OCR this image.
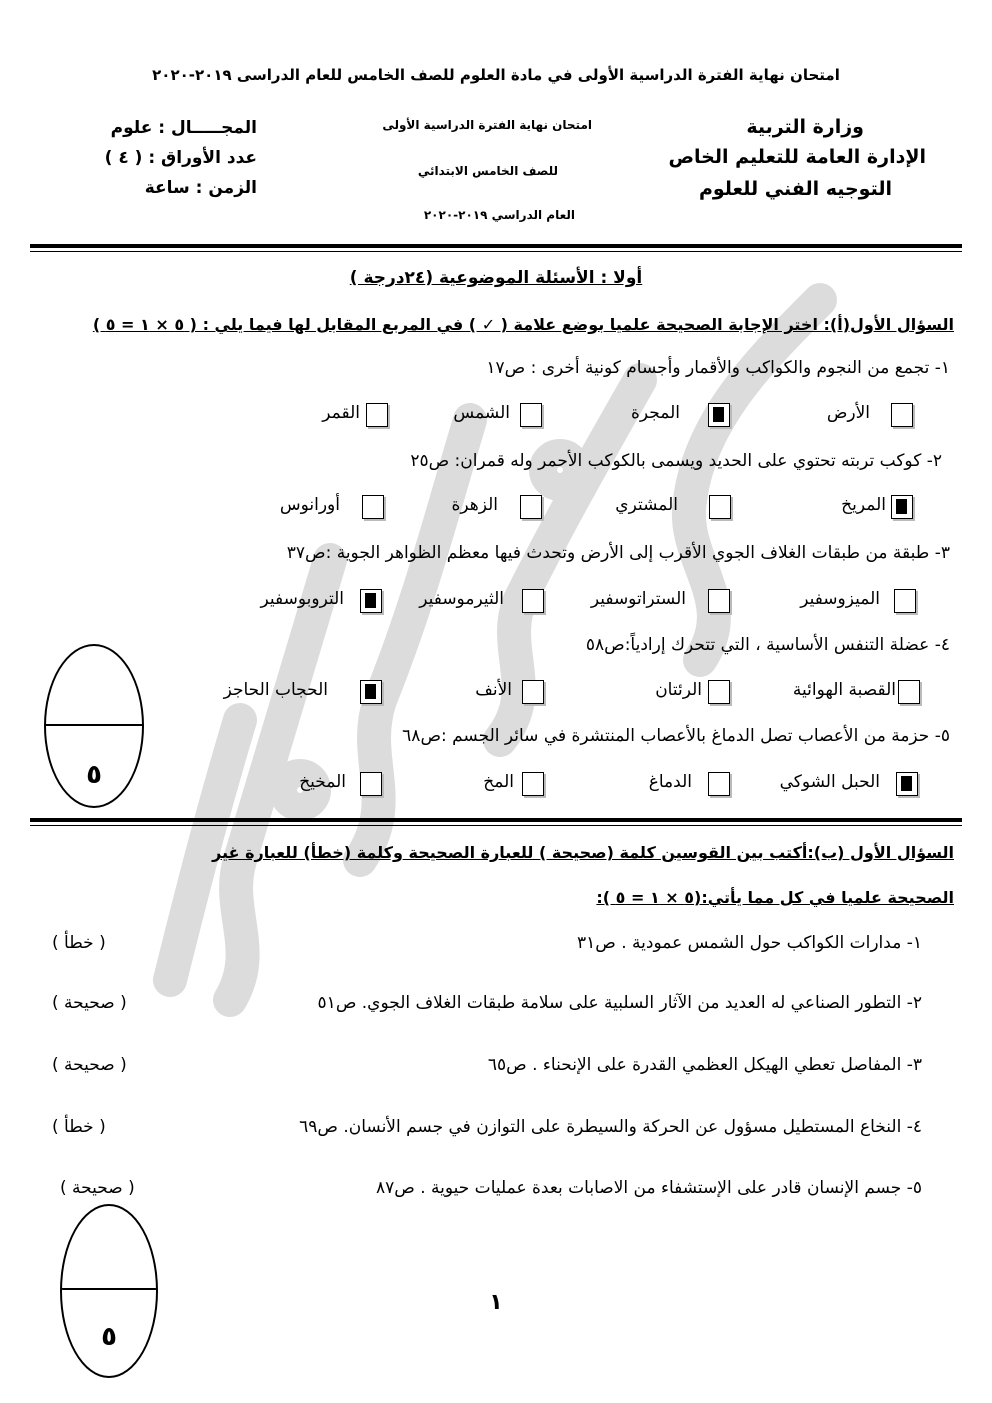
امتحان نهاية الفترة الدراسية الأولى في مادة العلوم للصف الخامس للعام الدراسى ٢٠١٩-٢٠٢٠
وزارة التربية
الإدارة العامة للتعليم الخاص
التوجيه الفني للعلوم
امتحان نهاية الفترة الدراسية الأولى
للصف الخامس الابتدائي
العام الدراسي ٢٠١٩-٢٠٢٠
المجـــــال : علوم
عدد الأوراق : ( ٤ )
الزمن : ساعة
أولا : الأسئلة الموضوعية (٢٤درجة )
السؤال الأول(أ): اختر الإجابة الصحيحة علميا بوضع علامة ( ✓ ) في المربع المقابل لها فيما يلي : ( ٥ × ١ = ٥ )
١- تجمع من النجوم والكواكب والأقمار وأجسام كونية أخرى : ص١٧
الأرض
المجرة
الشمس
القمر
٢- كوكب تربته تحتوي على الحديد ويسمى بالكوكب الأحمر وله قمران: ص٢٥
المريخ
المشتري
الزهرة
أورانوس
٣- طبقة من طبقات الغلاف الجوي الأقرب إلى الأرض وتحدث فيها معظم الظواهر الجوية :ص٣٧
الميزوسفير
الستراتوسفير
الثيرموسفير
التروبوسفير
٤- عضلة التنفس الأساسية ، التي تتحرك إرادياً:ص٥٨
القصبة الهوائية
الرئتان
الأنف
الحجاب الحاجز
٥- حزمة من الأعصاب تصل الدماغ بالأعصاب المنتشرة في سائر الجسم :ص٦٨
الحبل الشوكي
الدماغ
المخ
المخيخ
٥
السؤال الأول (ب):أكتب بين القوسين كلمة (صحيحة ) للعبارة الصحيحة وكلمة (خطأ) للعبارة غير
الصحيحة علميا في كل مما يأتي:(٥ × ١ = ٥ ):
١- مدارات الكواكب حول الشمس عمودية . ص٣١
( خطأ )
٢- التطور الصناعي له العديد من الآثار السلبية على سلامة طبقات الغلاف الجوي. ص٥١
( صحيحة )
٣- المفاصل تعطي الهيكل العظمي القدرة على الإنحناء . ص٦٥
( صحيحة )
٤- النخاع المستطيل مسؤول عن الحركة والسيطرة على التوازن في جسم الأنسان. ص٦٩
( خطأ )
٥- جسم الإنسان قادر على الإستشفاء من الاصابات بعدة عمليات حيوية . ص٨٧
( صحيحة )
٥
١
